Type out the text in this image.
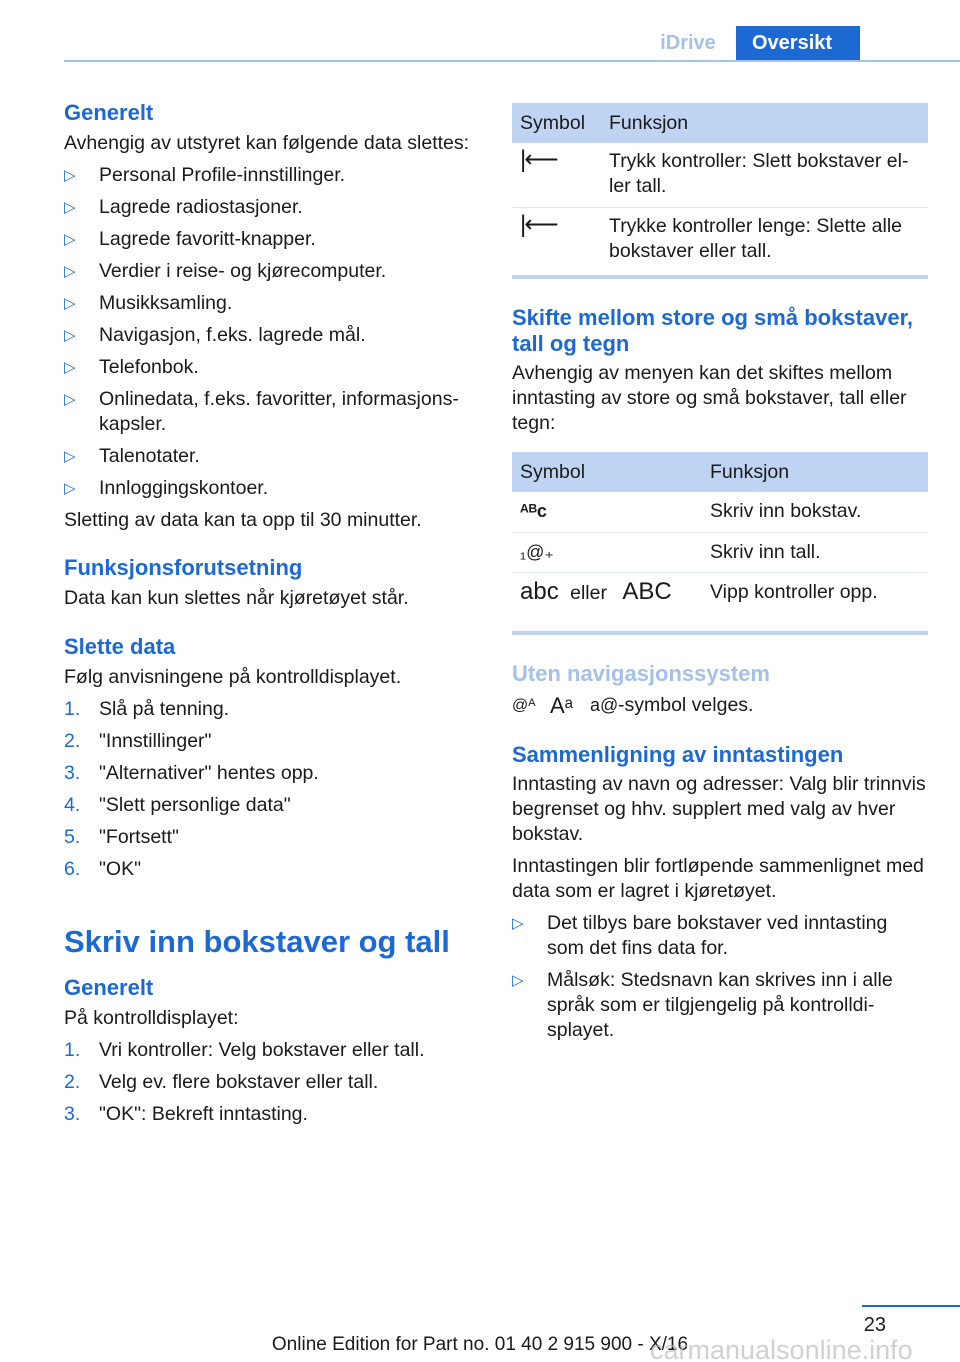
iDrive	Oversikt
Generelt
Avhengig av utstyret kan følgende data slettes:
▷ Personal Profile-innstillinger.
▷ Lagrede radiostasjoner.
▷ Lagrede favoritt-knapper.
▷ Verdier i reise- og kjørecomputer.
▷ Musikksamling.
▷ Navigasjon, f.eks. lagrede mål.
▷ Telefonbok.
▷ Onlinedata, f.eks. favoritter, informasjonskapsler.
▷ Talenotater.
▷ Innloggingskontoer.
Sletting av data kan ta opp til 30 minutter.
Funksjonsforutsetning
Data kan kun slettes når kjøretøyet står.
Slette data
Følg anvisningene på kontrolldisplayet.
1. Slå på tenning.
2. "Innstillinger"
3. "Alternativer" hentes opp.
4. "Slett personlige data"
5. "Fortsett"
6. "OK"
Skriv inn bokstaver og tall
Generelt
På kontrolldisplayet:
1. Vri kontroller: Velg bokstaver eller tall.
2. Velg ev. flere bokstaver eller tall.
3. "OK": Bekreft inntasting.
Symbol	Funksjon
|⟵	Trykk kontroller: Slett bokstaver eller tall.
|⟵	Trykke kontroller lenge: Slette alle bokstaver eller tall.
Skifte mellom store og små bokstaver, tall og tegn
Avhengig av menyen kan det skiftes mellom inntasting av store og små bokstaver, tall eller tegn:
Symbol	Funksjon
ᴬᴮᴄ	Skriv inn bokstav.
₁@₊	Skriv inn tall.
abc eller ABC	Vipp kontroller opp.
Uten navigasjonssystem
@ᴬ Aᵃ a@ -symbol velges.
Sammenligning av inntastingen
Inntasting av navn og adresser: Valg blir trinnvis begrenset og hhv. supplert med valg av hver bokstav.
Inntastingen blir fortløpende sammenlignet med data som er lagret i kjøretøyet.
▷ Det tilbys bare bokstaver ved inntasting som det fins data for.
▷ Målsøk: Stedsnavn kan skrives inn i alle språk som er tilgjengelig på kontrolldisplayet.
23
Online Edition for Part no. 01 40 2 915 900 - X/16
carmanualsonline.info
